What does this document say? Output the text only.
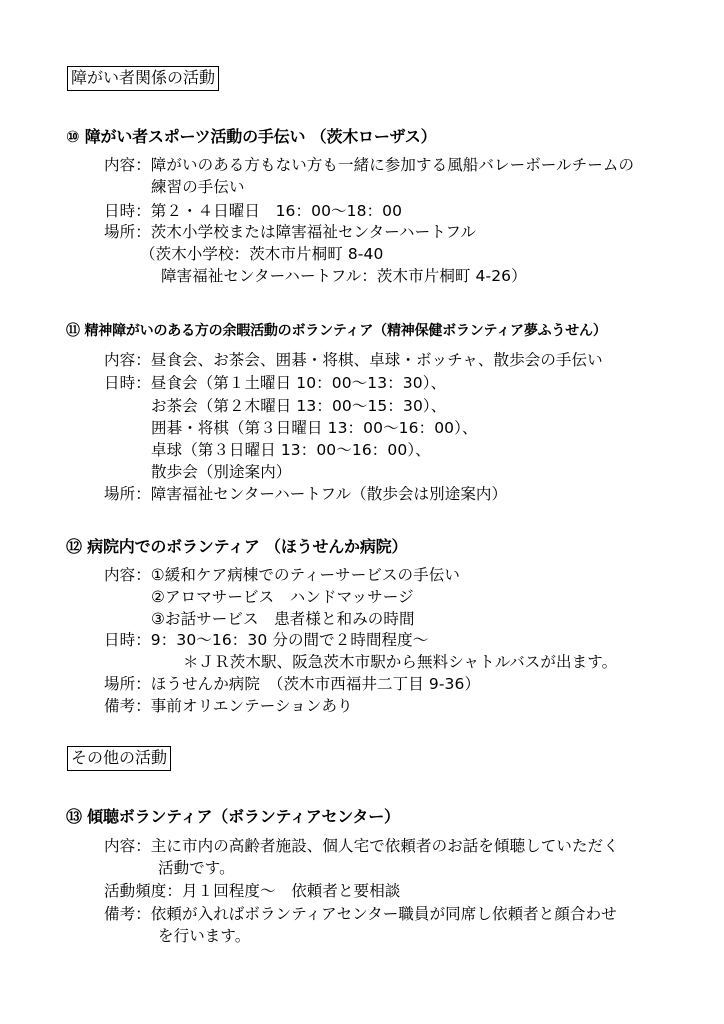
障がい者関係の活動
⑩ 障がい者スポーツ活動の手伝い （茨木ローザス）
内容：障がいのある方もない方も一緒に参加する風船バレーボールチームの
練習の手伝い
日時：第２・４日曜日　16：00～18：00
場所：茨木小学校または障害福祉センターハートフル
（茨木小学校：茨木市片桐町 8-40
障害福祉センターハートフル：茨木市片桐町 4-26）
⑪ 精神障がいのある方の余暇活動のボランティア（精神保健ボランティア夢ふうせん）
内容：昼食会、お茶会、囲碁・将棋、卓球・ボッチャ、散歩会の手伝い
日時：昼食会（第１土曜日 10：00～13：30）、
お茶会（第２木曜日 13：00～15：30）、
囲碁・将棋（第３日曜日 13：00～16：00）、
卓球（第３日曜日 13：00～16：00）、
散歩会（別途案内）
場所：障害福祉センターハートフル（散歩会は別途案内）
⑫ 病院内でのボランティア （ほうせんか病院）
内容：①緩和ケア病棟でのティーサービスの手伝い
②アロマサービス　ハンドマッサージ
③お話サービス　患者様と和みの時間
日時：9：30～16：30 分の間で２時間程度～
＊ＪＲ茨木駅、阪急茨木市駅から無料シャトルバスが出ます。
場所：ほうせんか病院　（茨木市西福井二丁目 9-36）
備考：事前オリエンテーションあり
その他の活動
⑬ 傾聴ボランティア（ボランティアセンター）
内容：主に市内の高齢者施設、個人宅で依頼者のお話を傾聴していただく
活動です。
活動頻度：月１回程度～　依頼者と要相談
備考：依頼が入ればボランティアセンター職員が同席し依頼者と顔合わせ
を行います。
